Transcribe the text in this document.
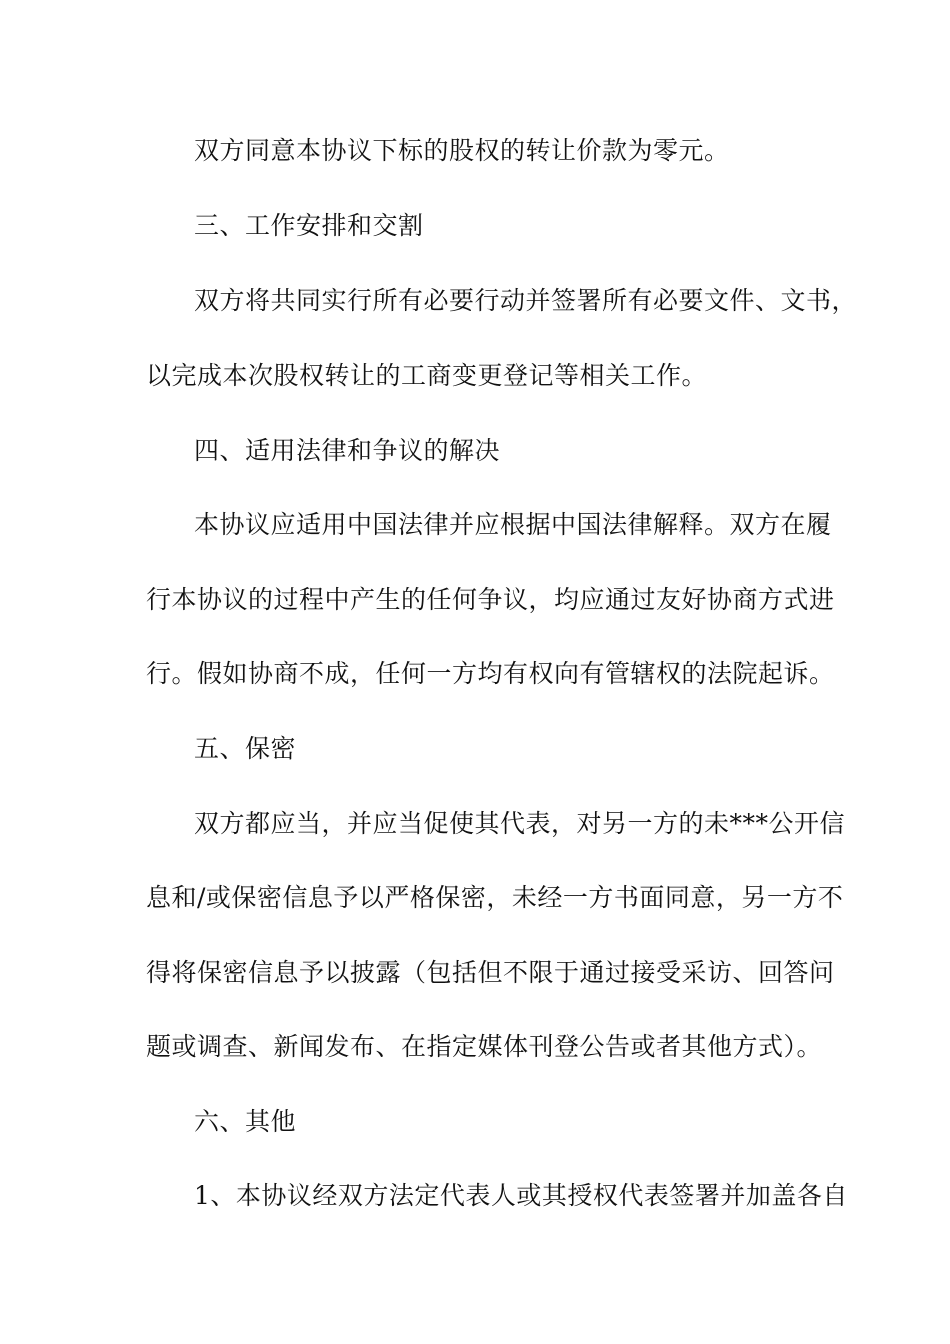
双方同意本协议下标的股权的转让价款为零元。
三、工作安排和交割
双方将共同实行所有必要行动并签署所有必要文件、文书，
以完成本次股权转让的工商变更登记等相关工作。
四、适用法律和争议的解决
本协议应适用中国法律并应根据中国法律解释。双方在履
行本协议的过程中产生的任何争议，均应通过友好协商方式进
行。假如协商不成，任何一方均有权向有管辖权的法院起诉。
五、保密
双方都应当，并应当促使其代表，对另一方的未***公开信
息和/或保密信息予以严格保密，未经一方书面同意，另一方不
得将保密信息予以披露（包括但不限于通过接受采访、回答问
题或调查、新闻发布、在指定媒体刊登公告或者其他方式）。
六、其他
1、本协议经双方法定代表人或其授权代表签署并加盖各自
